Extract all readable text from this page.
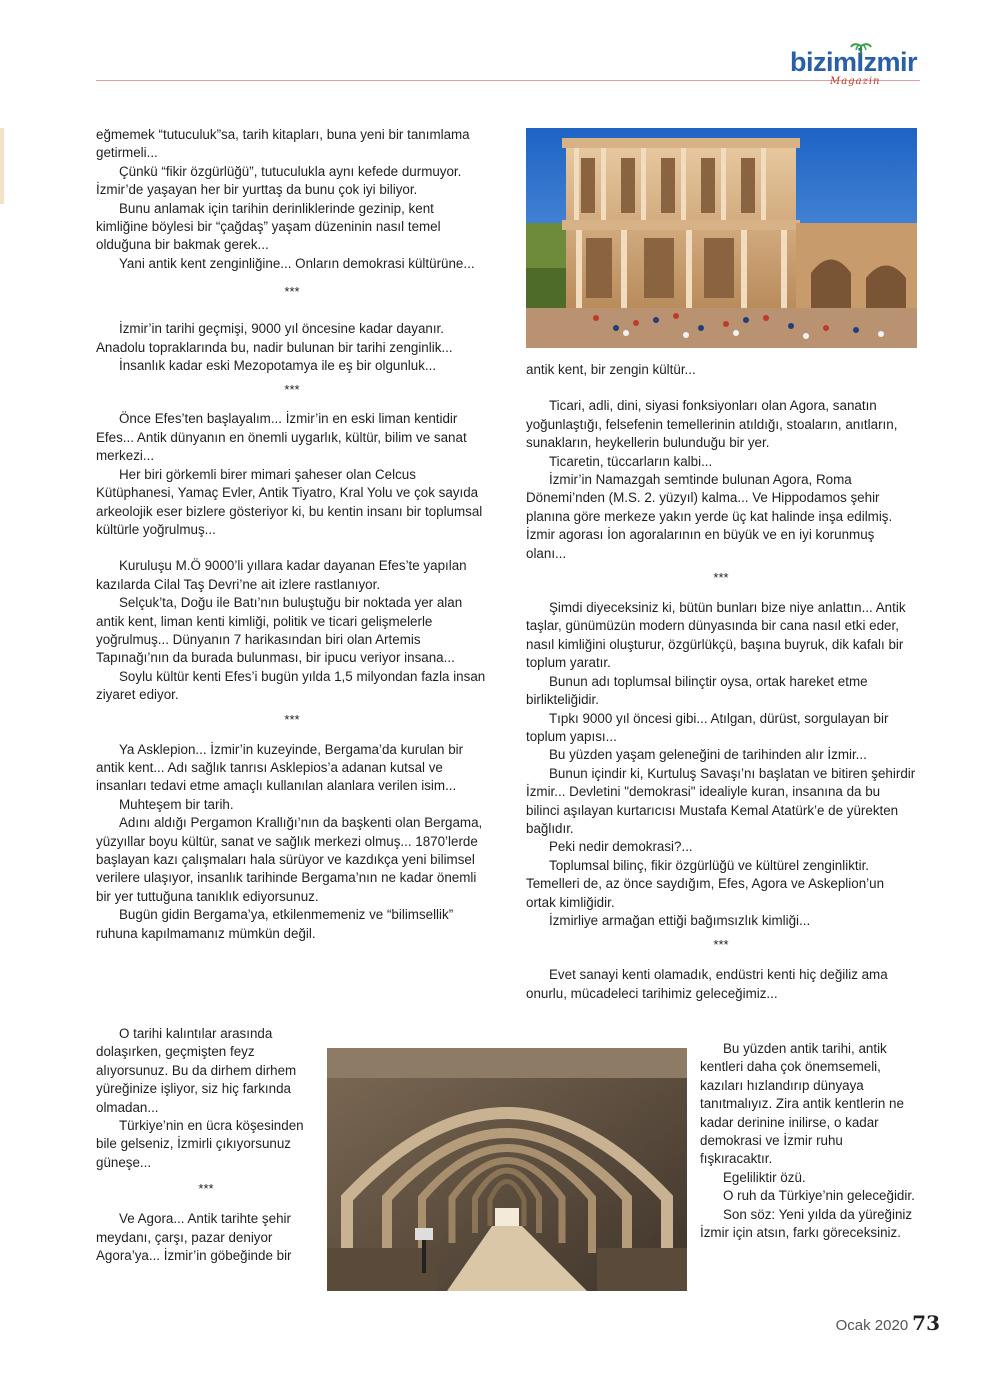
bizimİzmir
Magazin

eğmemek “tutuculuk”sa, tarih kitapları, buna yeni bir tanımlama getirmeli...

Çünkü “fikir özgürlüğü”, tutuculukla aynı kefede durmuyor. İzmir’de yaşayan her bir yurttaş da bunu çok iyi biliyor.

Bunu anlamak için tarihin derinliklerinde gezinip, kent kimliğine böylesi bir “çağdaş” yaşam düzeninin nasıl temel olduğuna bir bakmak gerek...

Yani antik kent zenginliğine... Onların demokrasi kültürüne...

***

İzmir’in tarihi geçmişi, 9000 yıl öncesine kadar dayanır. Anadolu topraklarında bu, nadir bulunan bir tarihi zenginlik...

İnsanlık kadar eski Mezopotamya ile eş bir olgunluk...

***

Önce Efes’ten başlayalım... İzmir’in en eski liman kentidir Efes... Antik dünyanın en önemli uygarlık, kültür, bilim ve sanat merkezi...

Her biri görkemli birer mimari şaheser olan Celcus Kütüphanesi, Yamaç Evler, Antik Tiyatro, Kral Yolu ve çok sayıda arkeolojik eser bizlere gösteriyor ki, bu kentin insanı bir toplumsal kültürle yoğrulmuş...

Kuruluşu M.Ö 9000’li yıllara kadar dayanan Efes’te yapılan kazılarda Cilal Taş Devri’ne ait izlere rastlanıyor.

Selçuk’ta, Doğu ile Batı’nın buluştuğu bir noktada yer alan antik kent, liman kenti kimliği, politik ve ticari gelişmelerle yoğrulmuş... Dünyanın 7 harikasından biri olan Artemis Tapınağı’nın da burada bulunması, bir ipucu veriyor insana...

Soylu kültür kenti Efes’i bugün yılda 1,5 milyondan fazla insan ziyaret ediyor.

***

Ya Asklepion... İzmir’in kuzeyinde, Bergama’da kurulan bir antik kent... Adı sağlık tanrısı Asklepios’a adanan kutsal ve insanları tedavi etme amaçlı kullanılan alanlara verilen isim...

Muhteşem bir tarih.

Adını aldığı Pergamon Krallığı’nın da başkenti olan Bergama, yüzyıllar boyu kültür, sanat ve sağlık merkezi olmuş... 1870’lerde başlayan kazı çalışmaları hala sürüyor ve kazdıkça yeni bilimsel verilere ulaşıyor, insanlık tarihinde Bergama’nın ne kadar önemli bir yer tuttuğuna tanıklık ediyorsunuz.

Bugün gidin Bergama’ya, etkilenmemeniz ve “bilimsellik” ruhuna kapılmamanız mümkün değil.

O tarihi kalıntılar arasında dolaşırken, geçmişten feyz alıyorsunuz. Bu da dirhem dirhem yüreğinize işliyor, siz hiç farkında olmadan...

Türkiye’nin en ücra köşesinden bile gelseniz, İzmirli çıkıyorsunuz güneşe...

***

Ve Agora... Antik tarihte şehir meydanı, çarşı, pazar deniyor Agora’ya... İzmir’in göbeğinde bir

antik kent, bir zengin kültür...

Ticari, adli, dini, siyasi fonksiyonları olan Agora, sanatın yoğunlaştığı, felsefenin temellerinin atıldığı, stoaların, anıtların, sunakların, heykellerin bulunduğu bir yer.

Ticaretin, tüccarların kalbi...

İzmir’in Namazgah semtinde bulunan Agora, Roma Dönemi’nden (M.S. 2. yüzyıl) kalma... Ve Hippodamos şehir planına göre merkeze yakın yerde üç kat halinde inşa edilmiş. İzmir agorası İon agoralarının en büyük ve en iyi korunmuş olanı...

***

Şimdi diyeceksiniz ki, bütün bunları bize niye anlattın... Antik taşlar, günümüzün modern dünyasında bir cana nasıl etki eder, nasıl kimliğini oluşturur, özgürlükçü, başına buyruk, dik kafalı bir toplum yaratır.

Bunun adı toplumsal bilinçtir oysa, ortak hareket etme birlikteliğidir.

Tıpkı 9000 yıl öncesi gibi... Atılgan, dürüst, sorgulayan bir toplum yapısı...

Bu yüzden yaşam geleneğini de tarihinden alır İzmir...

Bunun içindir ki, Kurtuluş Savaşı’nı başlatan ve bitiren şehirdir İzmir... Devletini "demokrasi" idealiyle kuran, insanına da bu bilinci aşılayan kurtarıcısı Mustafa Kemal Atatürk’e de yürekten bağlıdır.

Peki nedir demokrasi?...

Toplumsal bilinç, fikir özgürlüğü ve kültürel zenginliktir. Temelleri de, az önce saydığım, Efes, Agora ve Askeplion’un ortak kimliğidir.

İzmirliye armağan ettiği bağımsızlık kimliği...

***

Evet sanayi kenti olamadık, endüstri kenti hiç değiliz ama onurlu, mücadeleci tarihimiz geleceğimiz...

Bu yüzden antik tarihi, antik kentleri daha çok önemsemeli, kazıları hızlandırıp dünyaya tanıtmalıyız. Zira antik kentlerin ne kadar derinine inilirse, o kadar demokrasi ve İzmir ruhu fışkıracaktır.

Egeliliktir özü.

O ruh da Türkiye’nin geleceğidir.

Son söz: Yeni yılda da yüreğiniz İzmir için atsın, farkı göreceksiniz.

Ocak 2020 73
